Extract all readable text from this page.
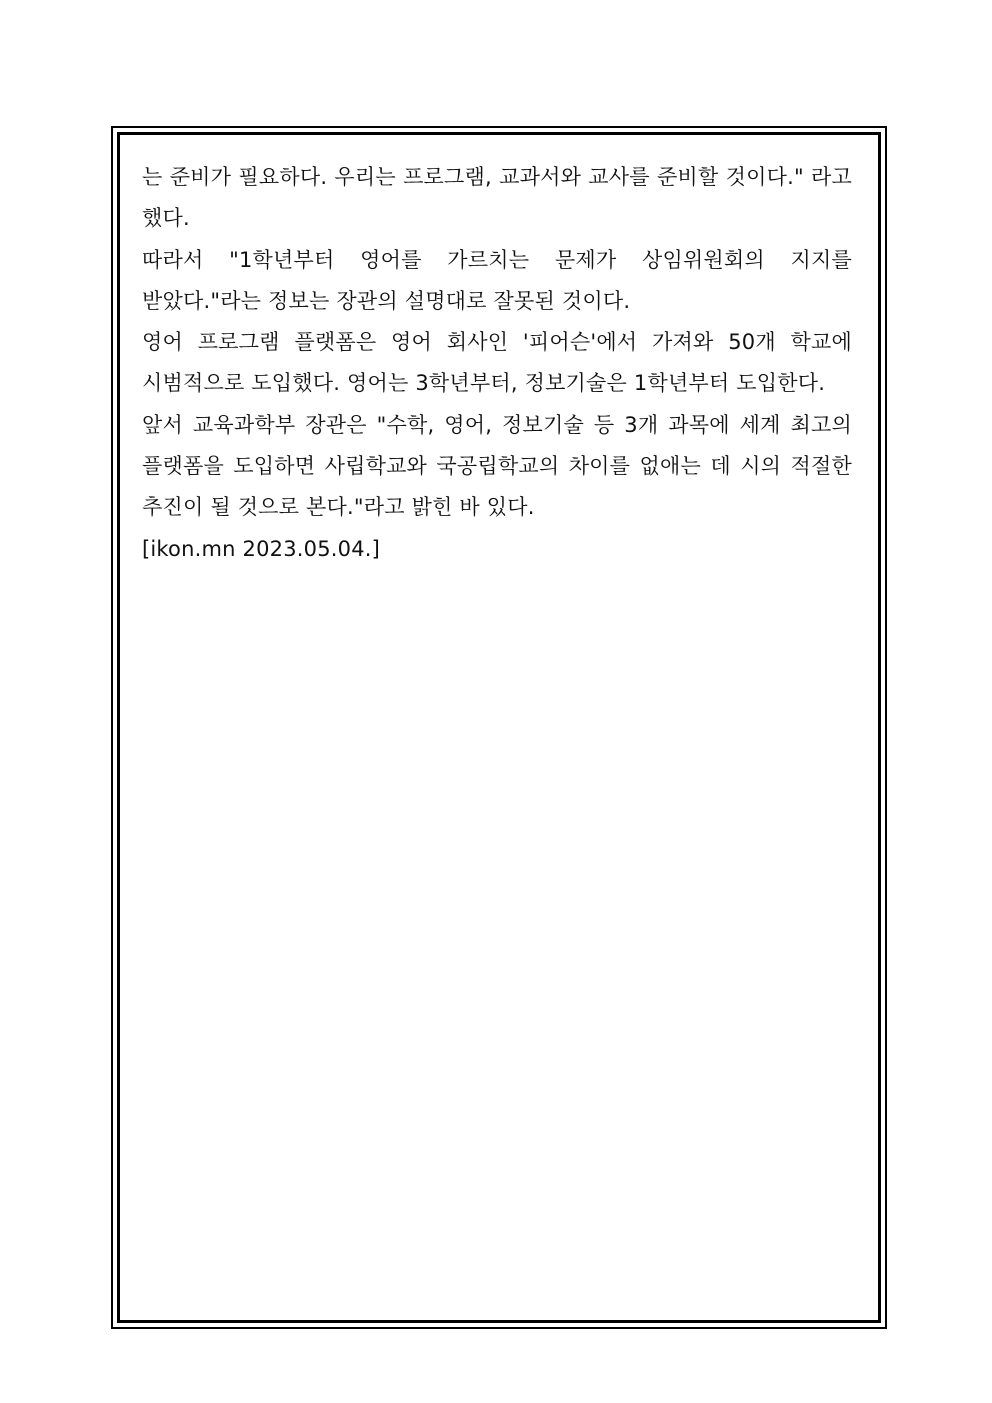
는 준비가 필요하다. 우리는 프로그램, 교과서와 교사를 준비할 것이다." 라고 했다.

따라서 "1학년부터 영어를 가르치는 문제가 상임위원회의 지지를 받았다."라는 정보는 장관의 설명대로 잘못된 것이다.

영어 프로그램 플랫폼은 영어 회사인 '피어슨'에서 가져와 50개 학교에 시범적으로 도입했다. 영어는 3학년부터, 정보기술은 1학년부터 도입한다.

앞서 교육과학부 장관은 "수학, 영어, 정보기술 등 3개 과목에 세계 최고의 플랫폼을 도입하면 사립학교와 국공립학교의 차이를 없애는 데 시의 적절한 추진이 될 것으로 본다."라고 밝힌 바 있다.

[ikon.mn 2023.05.04.]
